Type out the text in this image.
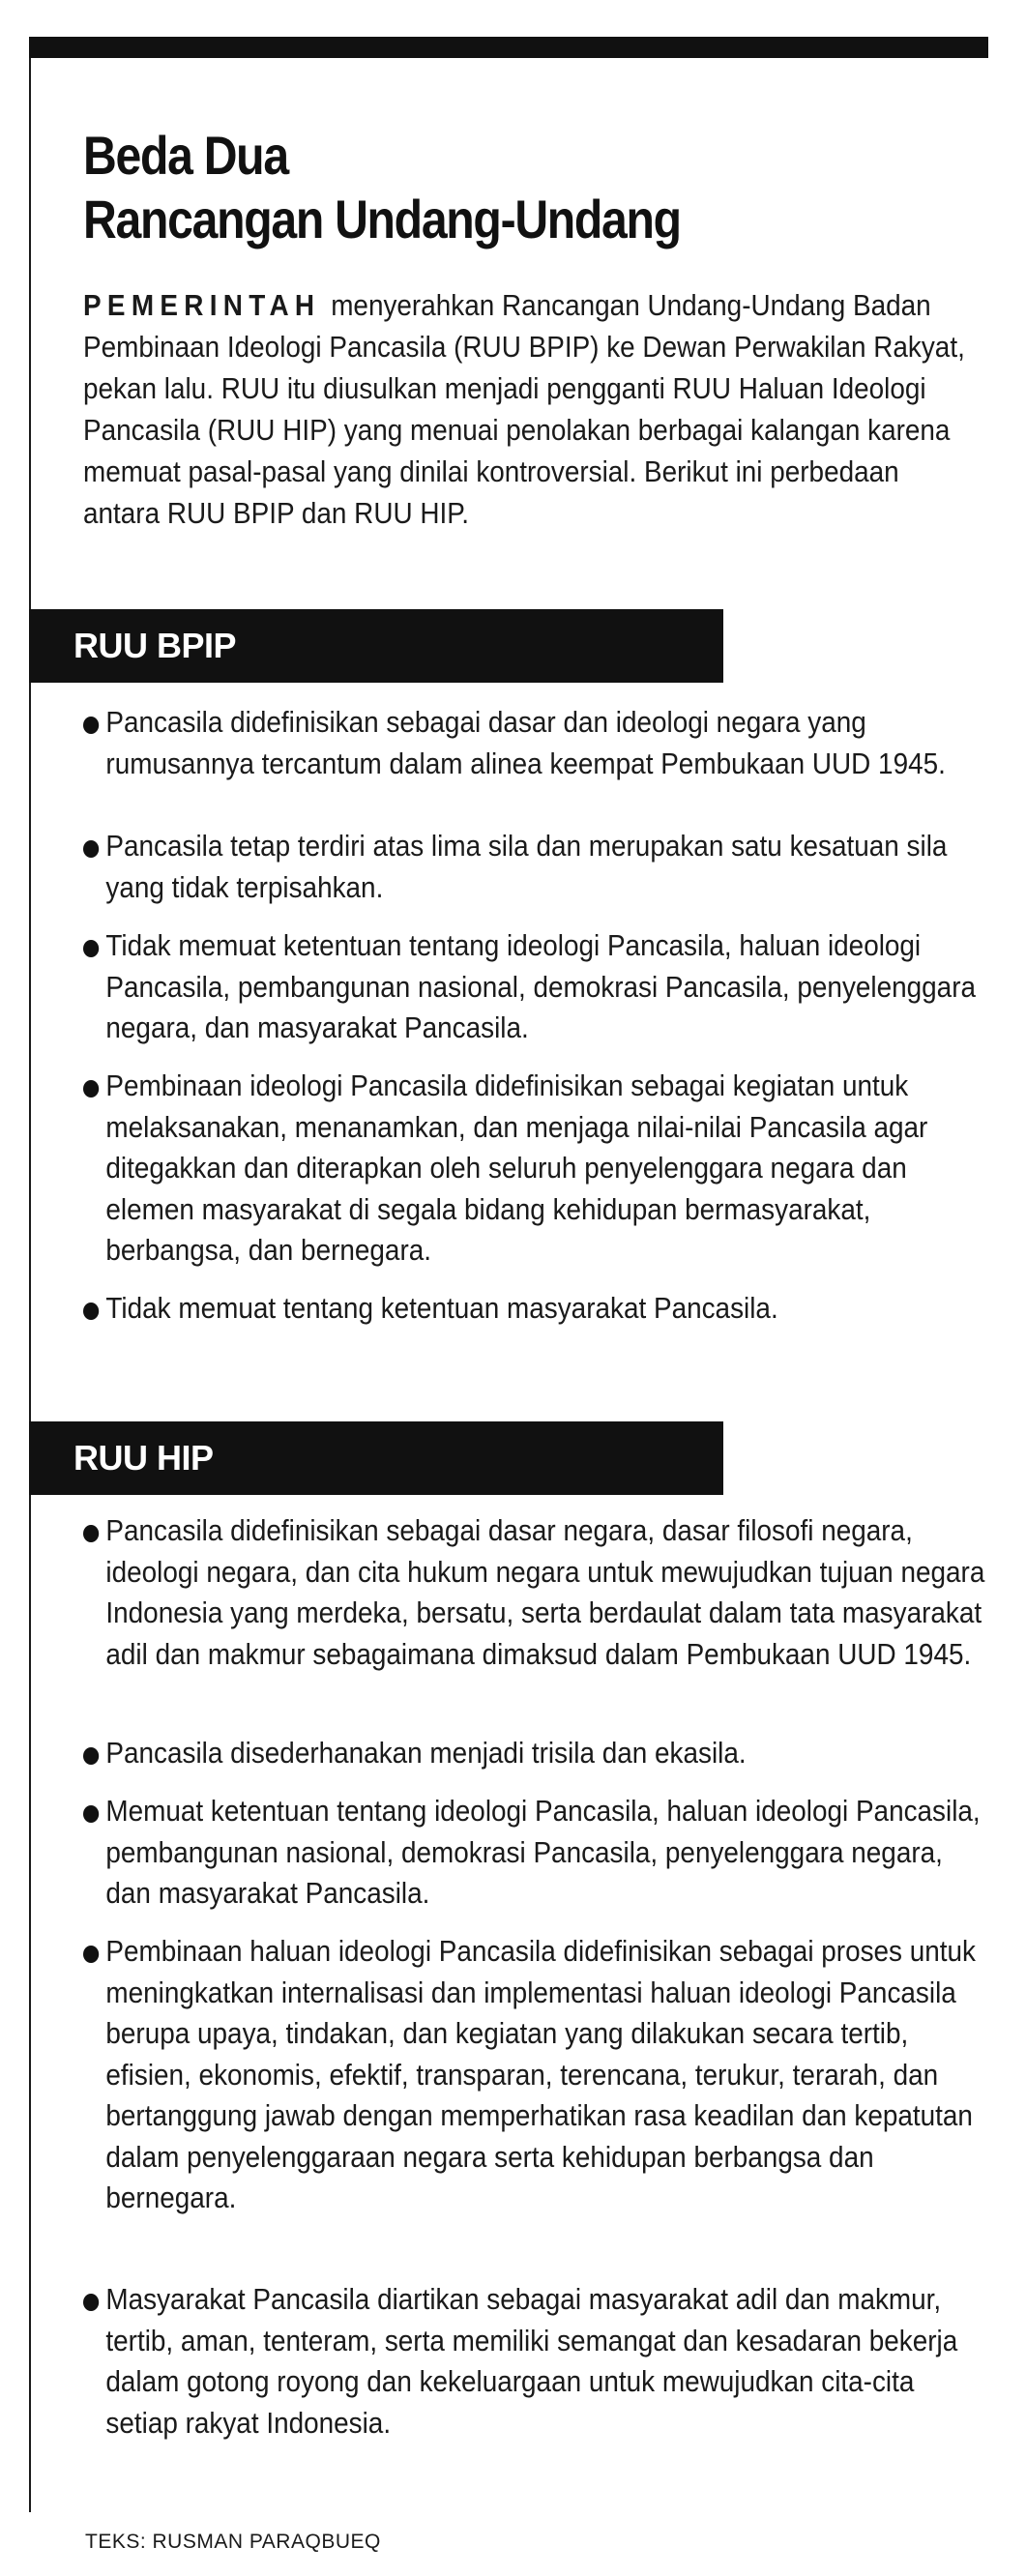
Beda Dua
Rancangan Undang-Undang

PEMERINTAH menyerahkan Rancangan Undang-Undang Badan Pembinaan Ideologi Pancasila (RUU BPIP) ke Dewan Perwakilan Rakyat, pekan lalu. RUU itu diusulkan menjadi pengganti RUU Haluan Ideologi Pancasila (RUU HIP) yang menuai penolakan berbagai kalangan karena memuat pasal-pasal yang dinilai kontroversial. Berikut ini perbedaan antara RUU BPIP dan RUU HIP.

RUU BPIP
Pancasila didefinisikan sebagai dasar dan ideologi negara yang rumusannya tercantum dalam alinea keempat Pembukaan UUD 1945.
Pancasila tetap terdiri atas lima sila dan merupakan satu kesatuan sila yang tidak terpisahkan.
Tidak memuat ketentuan tentang ideologi Pancasila, haluan ideologi Pancasila, pembangunan nasional, demokrasi Pancasila, penyelenggara negara, dan masyarakat Pancasila.
Pembinaan ideologi Pancasila didefinisikan sebagai kegiatan untuk melaksanakan, menanamkan, dan menjaga nilai-nilai Pancasila agar ditegakkan dan diterapkan oleh seluruh penyelenggara negara dan elemen masyarakat di segala bidang kehidupan bermasyarakat, berbangsa, dan bernegara.
Tidak memuat tentang ketentuan masyarakat Pancasila.
RUU HIP
Pancasila didefinisikan sebagai dasar negara, dasar filosofi negara, ideologi negara, dan cita hukum negara untuk mewujudkan tujuan negara Indonesia yang merdeka, bersatu, serta berdaulat dalam tata masyarakat adil dan makmur sebagaimana dimaksud dalam Pembukaan UUD 1945.
Pancasila disederhanakan menjadi trisila dan ekasila.
Memuat ketentuan tentang ideologi Pancasila, haluan ideologi Pancasila, pembangunan nasional, demokrasi Pancasila, penyelenggara negara, dan masyarakat Pancasila.
Pembinaan haluan ideologi Pancasila didefinisikan sebagai proses untuk meningkatkan internalisasi dan implementasi haluan ideologi Pancasila berupa upaya, tindakan, dan kegiatan yang dilakukan secara tertib, efisien, ekonomis, efektif, transparan, terencana, terukur, terarah, dan bertanggung jawab dengan memperhatikan rasa keadilan dan kepatutan dalam penyelenggaraan negara serta kehidupan berbangsa dan bernegara.
Masyarakat Pancasila diartikan sebagai masyarakat adil dan makmur, tertib, aman, tenteram, serta memiliki semangat dan kesadaran bekerja dalam gotong royong dan kekeluargaan untuk mewujudkan cita-cita setiap rakyat Indonesia.
TEKS: RUSMAN PARAQBUEQ
